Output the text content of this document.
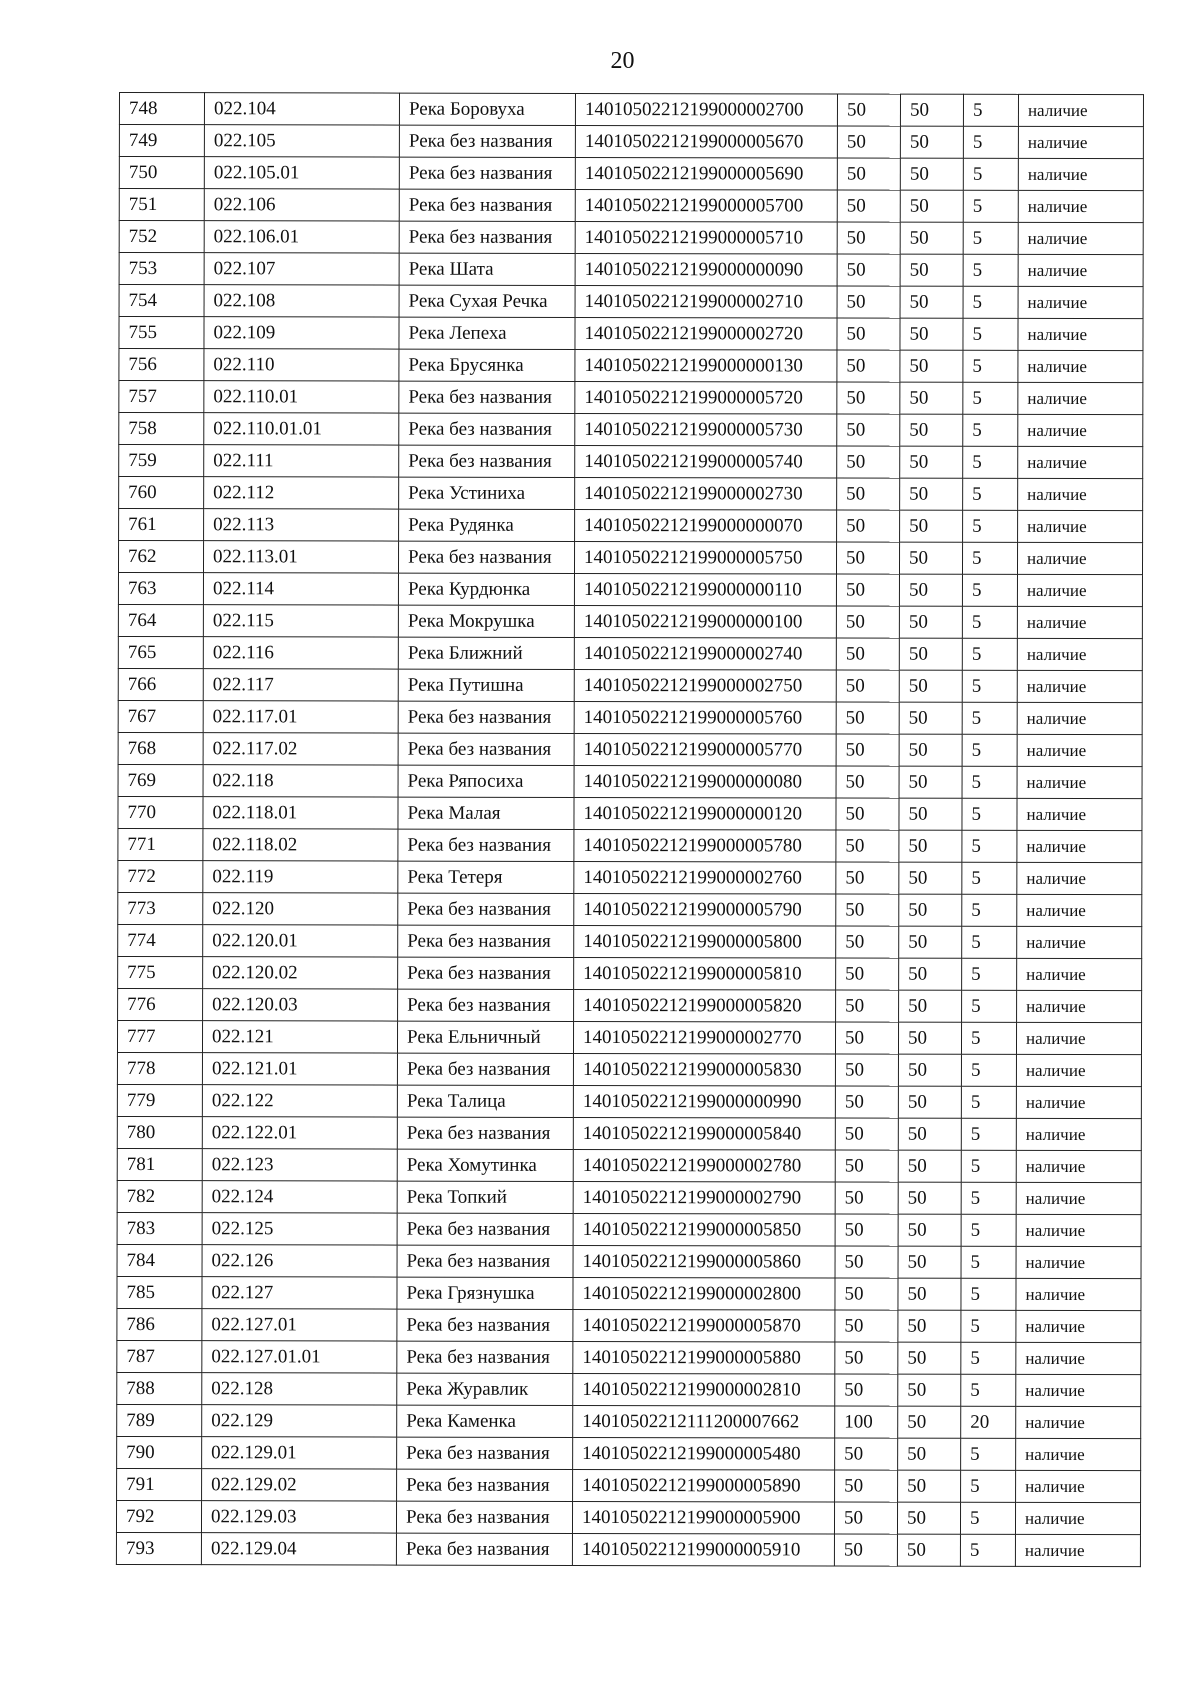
20
748	022.104	Река Боровуха	14010502212199000002700	50	50	5	наличие
749	022.105	Река без названия	14010502212199000005670	50	50	5	наличие
750	022.105.01	Река без названия	14010502212199000005690	50	50	5	наличие
751	022.106	Река без названия	14010502212199000005700	50	50	5	наличие
752	022.106.01	Река без названия	14010502212199000005710	50	50	5	наличие
753	022.107	Река Шата	14010502212199000000090	50	50	5	наличие
754	022.108	Река Сухая Речка	14010502212199000002710	50	50	5	наличие
755	022.109	Река Лепеха	14010502212199000002720	50	50	5	наличие
756	022.110	Река Брусянка	14010502212199000000130	50	50	5	наличие
757	022.110.01	Река без названия	14010502212199000005720	50	50	5	наличие
758	022.110.01.01	Река без названия	14010502212199000005730	50	50	5	наличие
759	022.111	Река без названия	14010502212199000005740	50	50	5	наличие
760	022.112	Река Устиниха	14010502212199000002730	50	50	5	наличие
761	022.113	Река Рудянка	14010502212199000000070	50	50	5	наличие
762	022.113.01	Река без названия	14010502212199000005750	50	50	5	наличие
763	022.114	Река Курдюнка	14010502212199000000110	50	50	5	наличие
764	022.115	Река Мокрушка	14010502212199000000100	50	50	5	наличие
765	022.116	Река Ближний	14010502212199000002740	50	50	5	наличие
766	022.117	Река Путишна	14010502212199000002750	50	50	5	наличие
767	022.117.01	Река без названия	14010502212199000005760	50	50	5	наличие
768	022.117.02	Река без названия	14010502212199000005770	50	50	5	наличие
769	022.118	Река Ряпосиха	14010502212199000000080	50	50	5	наличие
770	022.118.01	Река Малая	14010502212199000000120	50	50	5	наличие
771	022.118.02	Река без названия	14010502212199000005780	50	50	5	наличие
772	022.119	Река Тетеря	14010502212199000002760	50	50	5	наличие
773	022.120	Река без названия	14010502212199000005790	50	50	5	наличие
774	022.120.01	Река без названия	14010502212199000005800	50	50	5	наличие
775	022.120.02	Река без названия	14010502212199000005810	50	50	5	наличие
776	022.120.03	Река без названия	14010502212199000005820	50	50	5	наличие
777	022.121	Река Ельничный	14010502212199000002770	50	50	5	наличие
778	022.121.01	Река без названия	14010502212199000005830	50	50	5	наличие
779	022.122	Река Талица	14010502212199000000990	50	50	5	наличие
780	022.122.01	Река без названия	14010502212199000005840	50	50	5	наличие
781	022.123	Река Хомутинка	14010502212199000002780	50	50	5	наличие
782	022.124	Река Топкий	14010502212199000002790	50	50	5	наличие
783	022.125	Река без названия	14010502212199000005850	50	50	5	наличие
784	022.126	Река без названия	14010502212199000005860	50	50	5	наличие
785	022.127	Река Грязнушка	14010502212199000002800	50	50	5	наличие
786	022.127.01	Река без названия	14010502212199000005870	50	50	5	наличие
787	022.127.01.01	Река без названия	14010502212199000005880	50	50	5	наличие
788	022.128	Река Журавлик	14010502212199000002810	50	50	5	наличие
789	022.129	Река Каменка	14010502212111200007662	100	50	20	наличие
790	022.129.01	Река без названия	14010502212199000005480	50	50	5	наличие
791	022.129.02	Река без названия	14010502212199000005890	50	50	5	наличие
792	022.129.03	Река без названия	14010502212199000005900	50	50	5	наличие
793	022.129.04	Река без названия	14010502212199000005910	50	50	5	наличие
